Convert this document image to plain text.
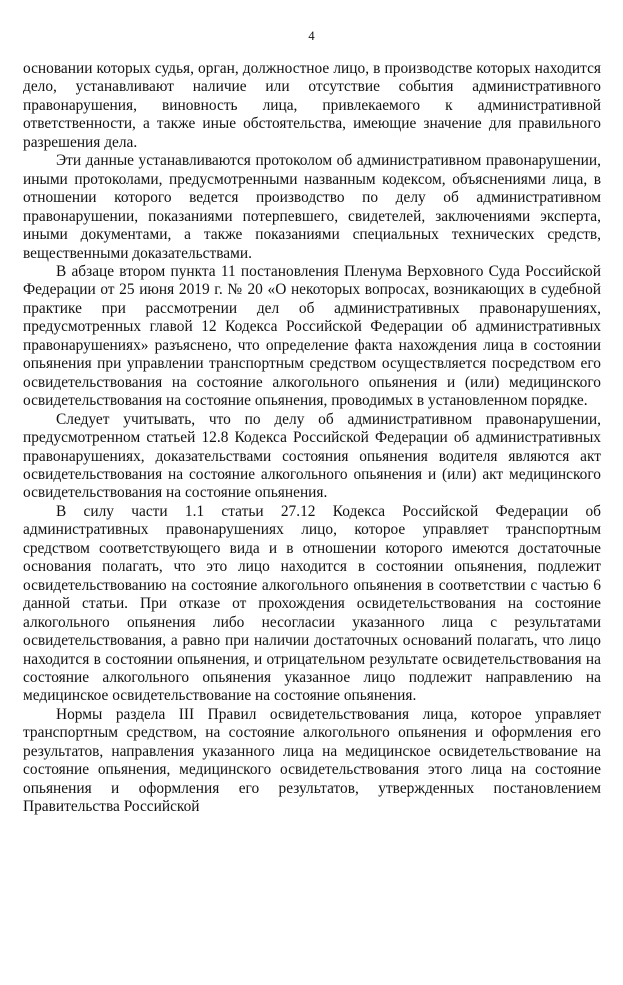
4

основании которых судья, орган, должностное лицо, в производстве которых находится дело, устанавливают наличие или отсутствие события административного правонарушения, виновность лица, привлекаемого к административной ответственности, а также иные обстоятельства, имеющие значение для правильного разрешения дела.

Эти данные устанавливаются протоколом об административном правонарушении, иными протоколами, предусмотренными названным кодексом, объяснениями лица, в отношении которого ведется производство по делу об административном правонарушении, показаниями потерпевшего, свидетелей, заключениями эксперта, иными документами, а также показаниями специальных технических средств, вещественными доказательствами.

В абзаце втором пункта 11 постановления Пленума Верховного Суда Российской Федерации от 25 июня 2019 г. № 20 «О некоторых вопросах, возникающих в судебной практике при рассмотрении дел об административных правонарушениях, предусмотренных главой 12 Кодекса Российской Федерации об административных правонарушениях» разъяснено, что определение факта нахождения лица в состоянии опьянения при управлении транспортным средством осуществляется посредством его освидетельствования на состояние алкогольного опьянения и (или) медицинского освидетельствования на состояние опьянения, проводимых в установленном порядке.

Следует учитывать, что по делу об административном правонарушении, предусмотренном статьей 12.8 Кодекса Российской Федерации об административных правонарушениях, доказательствами состояния опьянения водителя являются акт освидетельствования на состояние алкогольного опьянения и (или) акт медицинского освидетельствования на состояние опьянения.

В силу части 1.1 статьи 27.12 Кодекса Российской Федерации об административных правонарушениях лицо, которое управляет транспортным средством соответствующего вида и в отношении которого имеются достаточные основания полагать, что это лицо находится в состоянии опьянения, подлежит освидетельствованию на состояние алкогольного опьянения в соответствии с частью 6 данной статьи. При отказе от прохождения освидетельствования на состояние алкогольного опьянения либо несогласии указанного лица с результатами освидетельствования, а равно при наличии достаточных оснований полагать, что лицо находится в состоянии опьянения, и отрицательном результате освидетельствования на состояние алкогольного опьянения указанное лицо подлежит направлению на медицинское освидетельствование на состояние опьянения.

Нормы раздела III Правил освидетельствования лица, которое управляет транспортным средством, на состояние алкогольного опьянения и оформления его результатов, направления указанного лица на медицинское освидетельствование на состояние опьянения, медицинского освидетельствования этого лица на состояние опьянения и оформления его результатов, утвержденных постановлением Правительства Российской
